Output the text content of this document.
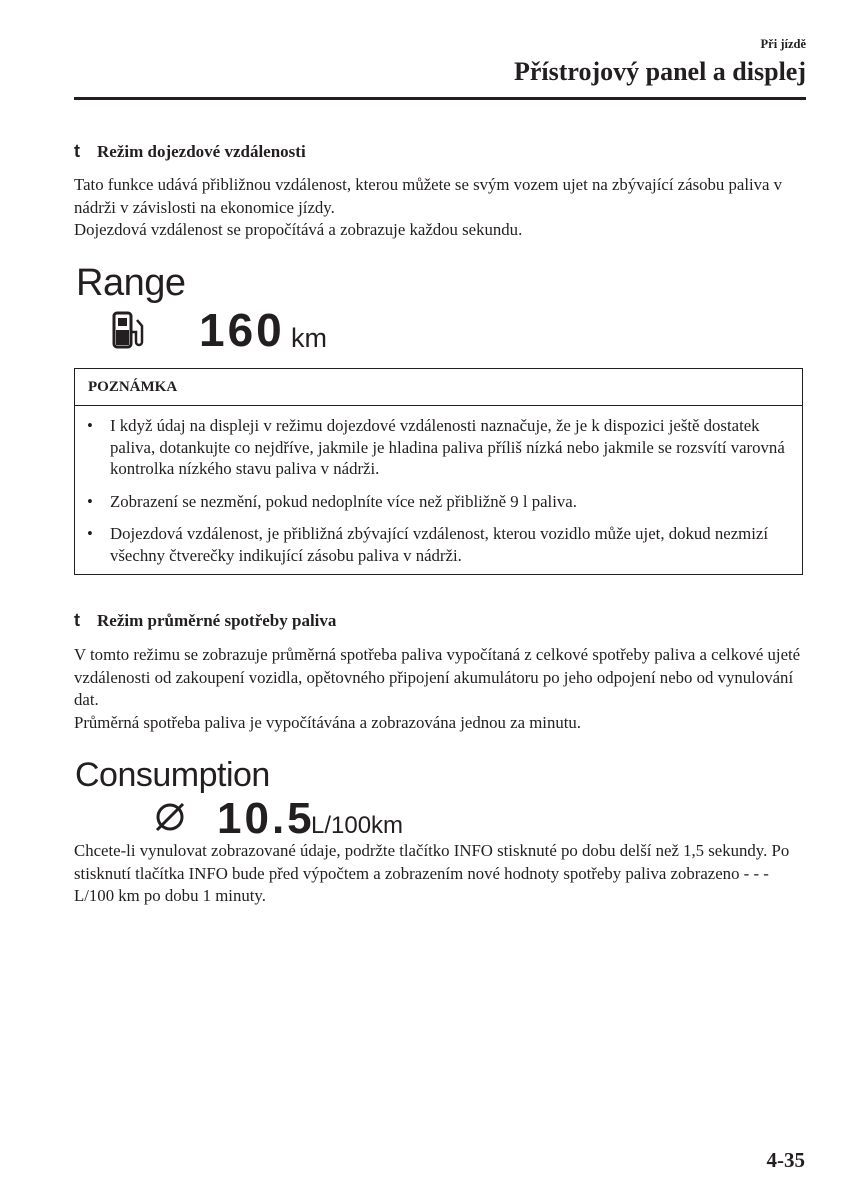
Při jízdě
Přístrojový panel a displej
t Režim dojezdové vzdálenosti

Tato funkce udává přibližnou vzdálenost, kterou můžete se svým vozem ujet na zbývající zásobu paliva v nádrži v závislosti na ekonomice jízdy.

Dojezdová vzdálenost se propočítává a zobrazuje každou sekundu.

Range
160 km
POZNÁMKA
• I když údaj na displeji v režimu dojezdové vzdálenosti naznačuje, že je k dispozici ještě dostatek paliva, dotankujte co nejdříve, jakmile je hladina paliva příliš nízká nebo jakmile se rozsvítí varovná kontrolka nízkého stavu paliva v nádrži.
• Zobrazení se nezmění, pokud nedoplníte více než přibližně 9 l paliva.
• Dojezdová vzdálenost, je přibližná zbývající vzdálenost, kterou vozidlo může ujet, dokud nezmizí všechny čtverečky indikující zásobu paliva v nádrži.
t Režim průměrné spotřeby paliva

V tomto režimu se zobrazuje průměrná spotřeba paliva vypočítaná z celkové spotřeby paliva a celkové ujeté vzdálenosti od zakoupení vozidla, opětovného připojení akumulátoru po jeho odpojení nebo od vynulování dat.

Průměrná spotřeba paliva je vypočítávána a zobrazována jednou za minutu.

Consumption
10.5
L/100km

Chcete-li vynulovat zobrazované údaje, podržte tlačítko INFO stisknuté po dobu delší než 1,5 sekundy. Po stisknutí tlačítka INFO bude před výpočtem a zobrazením nové hodnoty spotřeby paliva zobrazeno - - - L/100 km po dobu 1 minuty.

4-35
